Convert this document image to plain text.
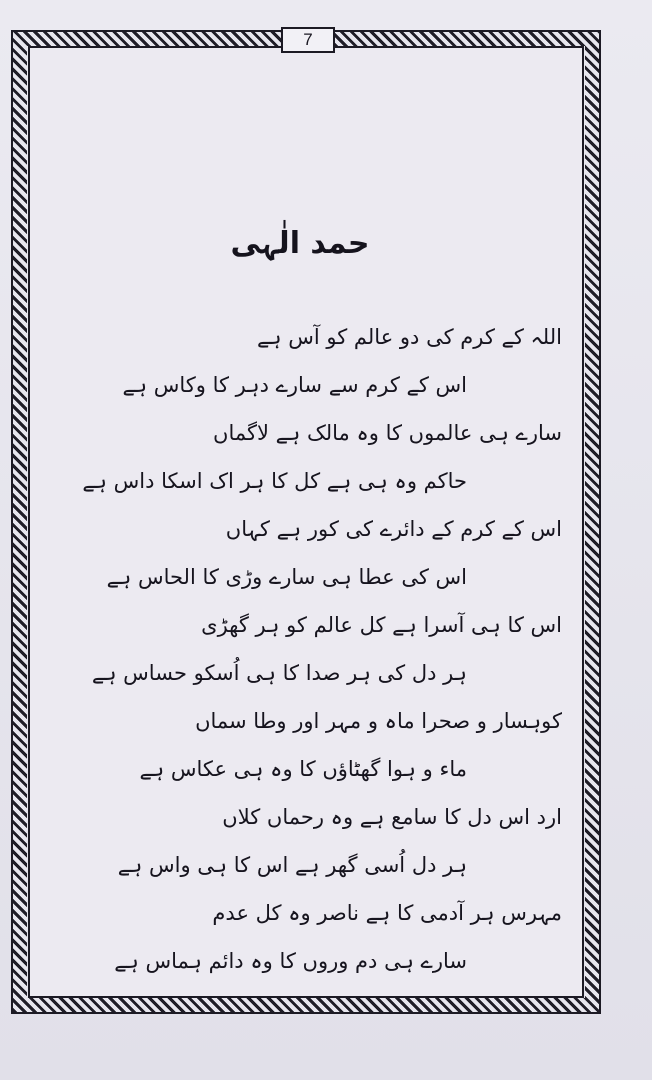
7
حمد الٰہی
اللہ کے کرم کی دو عالم کو آس ہے
اس کے کرم سے سارے دہر کا وکاس ہے
سارے ہی عالموں کا وہ مالک ہے لاگماں
حاکم وہ ہی ہے کل کا ہر اک اسکا داس ہے
اس کے کرم کے دائرے کی کور ہے کہاں
اس کی عطا ہی سارے وڑی کا الحاس ہے
اس کا ہی آسرا ہے کل عالم کو ہر گھڑی
ہر دل کی ہر صدا کا ہی اُسکو حساس ہے
کوہسار و صحرا ماہ و مہر اور وطا سماں
ماء و ہوا گھٹاؤں کا وہ ہی عکاس ہے
ارد اس دل کا سامع ہے وہ رحماں کلاں
ہر دل اُسی گھر ہے اس کا ہی واس ہے
مہرس ہر آدمی کا ہے ناصر وہ کل عدم
سارے ہی دم وروں کا وہ دائم ہماس ہے
